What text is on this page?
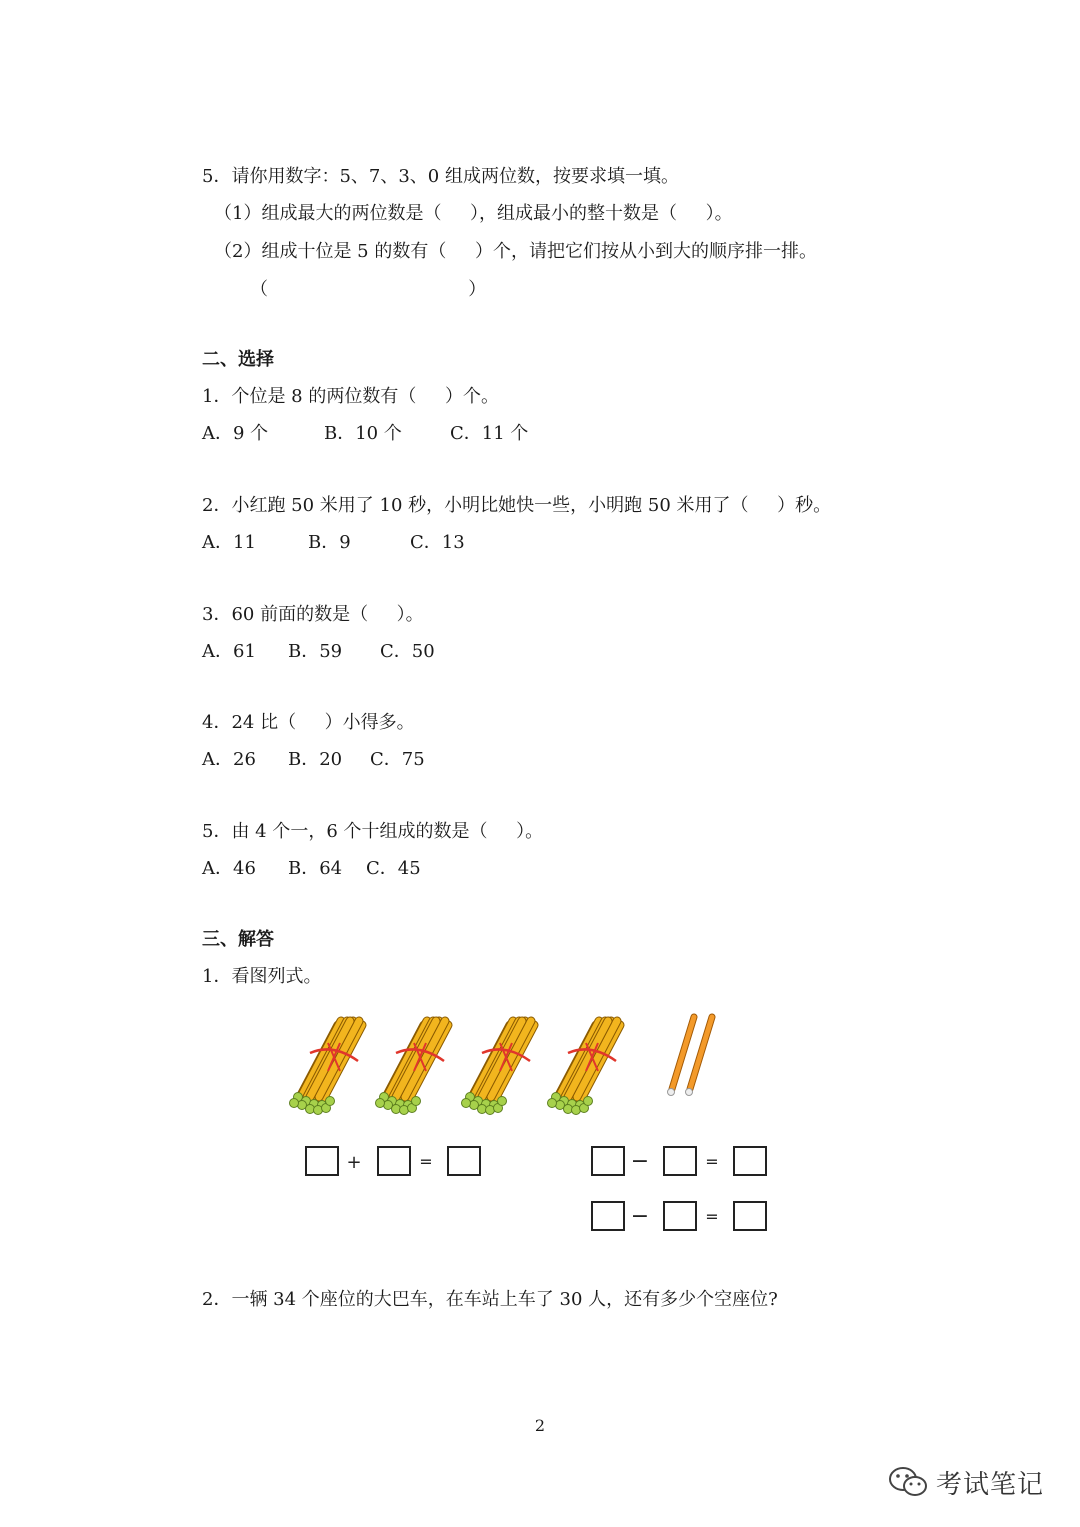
5．请你用数字：5、7、3、0 组成两位数，按要求填一填。
（1）组成最大的两位数是（     ），组成最小的整十数是（     ）。
（2）组成十位是 5 的数有（     ）个，请把它们按从小到大的顺序排一排。
（                                   ）
二、选择
1．个位是 8 的两位数有（     ）个。
A．9 个	B．10 个	C．11 个
2．小红跑 50 米用了 10 秒，小明比她快一些，小明跑 50 米用了（     ）秒。
A．11	B．9	C．13
3．60 前面的数是（     ）。
A．61 B．59 C．50
4．24 比（     ）小得多。
A．26 B．20 C．75
5．由 4 个一，6 个十组成的数是（     ）。
A．46 B．64 C．45
三、解答
1．看图列式。
+	=	−	=
−	=
2．一辆 34 个座位的大巴车，在车站上车了 30 人，还有多少个空座位?
2
考试笔记
